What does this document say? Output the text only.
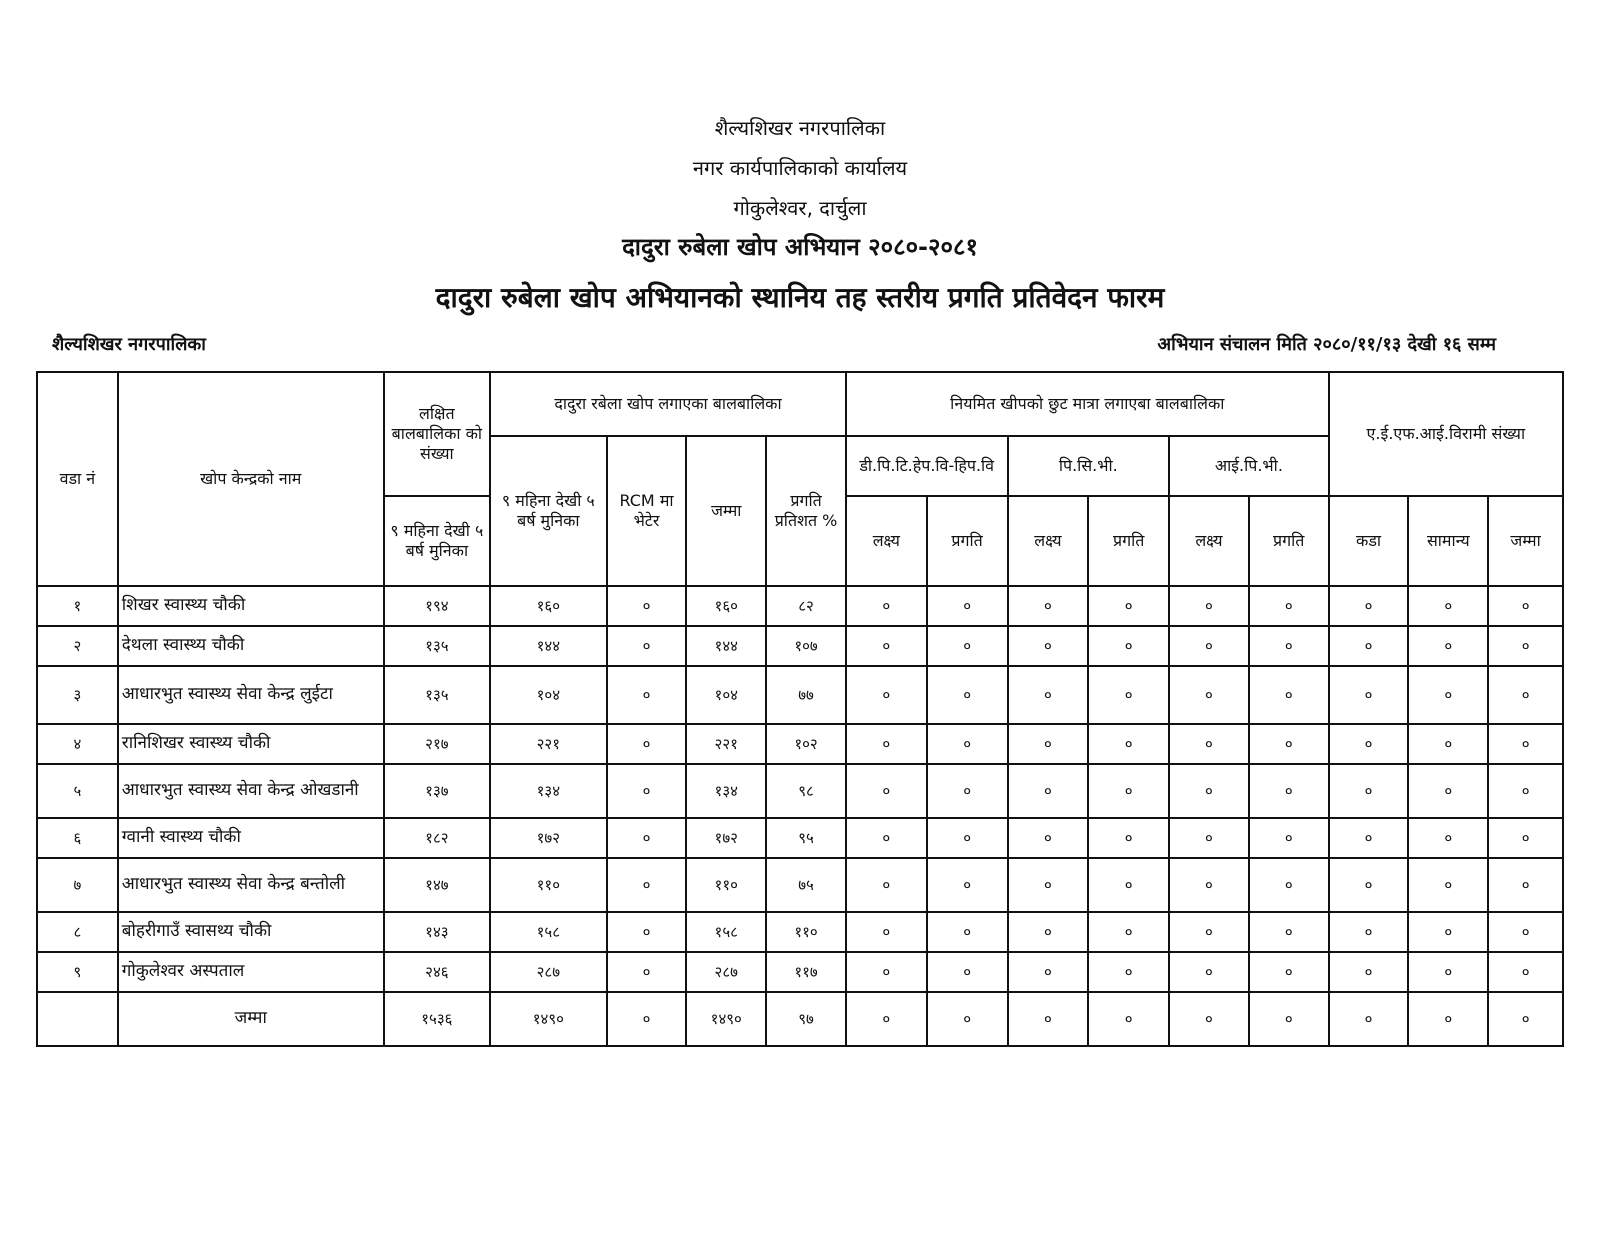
शैल्यशिखर नगरपालिका
नगर कार्यपालिकाको कार्यालय
गोकुलेश्वर, दार्चुला
दादुरा रुबेला खोप अभियान २०८०-२०८१
दादुरा रुबेला खोप अभियानको स्थानिय तह स्तरीय प्रगति प्रतिवेदन फारम
शैल्यशिखर नगरपालिका	अभियान संचालन मिति २०८०/११/१३ देखी १६ सम्म
वडा नं	खोप केन्द्रको नाम	लक्षित बालबालिका को संख्या	दादुरा रबेला खोप लगाएका बालबालिका				नियमित खीपको छुट मात्रा लगाएबा बालबालिका						ए.ई.एफ.आई.विरामी संख्या		
			९ महिना देखी ५ बर्ष मुनिका	RCM मा भेटेर	जम्मा	प्रगति प्रतिशत %	डी.पि.टि.हेप.वि-हिप.वि		पि.सि.भी.		आई.पि.भी.				
		९ महिना देखी ५ बर्ष मुनिका					लक्ष्य	प्रगति	लक्ष्य	प्रगति	लक्ष्य	प्रगति	कडा	सामान्य	जम्मा
१	शिखर स्वास्थ्य चौकी	१९४	१६०	०	१६०	८२	०	०	०	०	०	०	०	०	०
२	देथला स्वास्थ्य चौकी	१३५	१४४	०	१४४	१०७	०	०	०	०	०	०	०	०	०
३	आधारभुत स्वास्थ्य सेवा केन्द्र लुईटा	१३५	१०४	०	१०४	७७	०	०	०	०	०	०	०	०	०
४	रानिशिखर स्वास्थ्य चौकी	२१७	२२१	०	२२१	१०२	०	०	०	०	०	०	०	०	०
५	आधारभुत स्वास्थ्य सेवा केन्द्र ओखडानी	१३७	१३४	०	१३४	९८	०	०	०	०	०	०	०	०	०
६	ग्वानी स्वास्थ्य चौकी	१८२	१७२	०	१७२	९५	०	०	०	०	०	०	०	०	०
७	आधारभुत स्वास्थ्य सेवा केन्द्र बन्तोली	१४७	११०	०	११०	७५	०	०	०	०	०	०	०	०	०
८	बोहरीगाउँ स्वासथ्य चौकी	१४३	१५८	०	१५८	११०	०	०	०	०	०	०	०	०	०
९	गोकुलेश्वर अस्पताल	२४६	२८७	०	२८७	११७	०	०	०	०	०	०	०	०	०
	जम्मा	१५३६	१४९०	०	१४९०	९७	०	०	०	०	०	०	०	०	०
